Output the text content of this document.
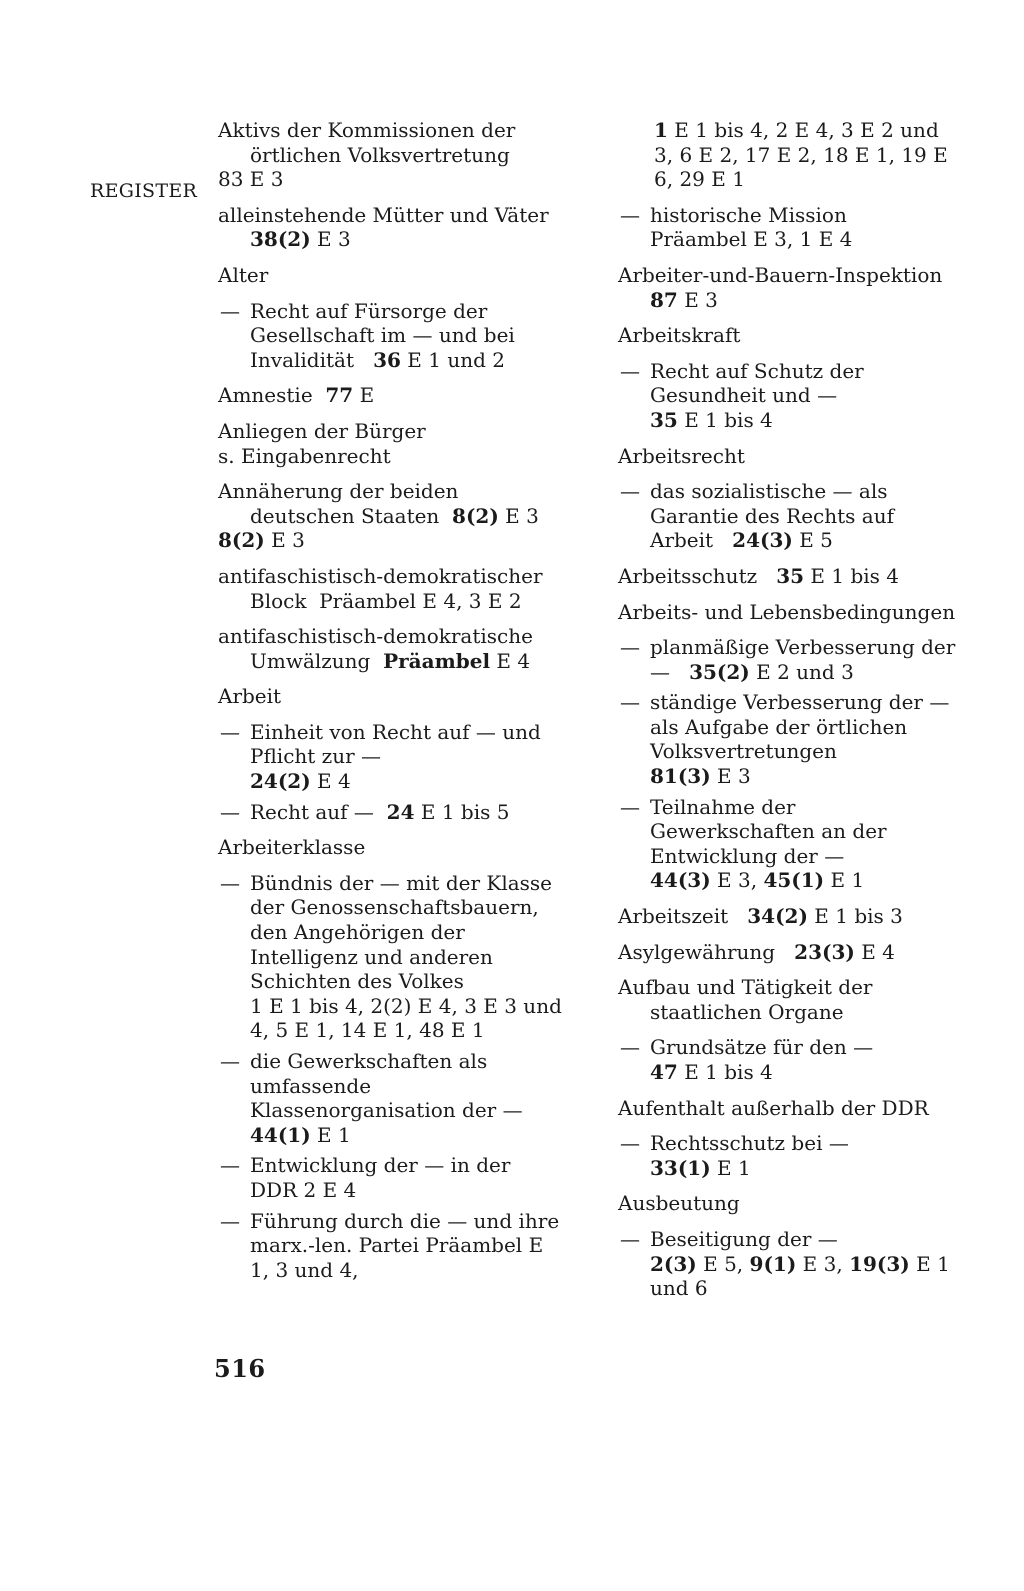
REGISTER
Aktivs der Kommissionen der örtlichen Volksvertretung
83 E 3
alleinstehende Mütter und Väter  38(2) E 3
Alter
— Recht auf Fürsorge der Gesellschaft im — und bei Invalidität 36 E 1 und 2
Amnestie 77 E
Anliegen der Bürger
s. Eingabenrecht
Annäherung der beiden deutschen Staaten 8(2) E 3
8(2) E 3
antifaschistisch-demokratischer Block Präambel E 4, 3 E 2
antifaschistisch-demokratische Umwälzung Präambel E 4
Arbeit
— Einheit von Recht auf — und Pflicht zur —
24(2) E 4
— Recht auf — 24 E 1 bis 5
Arbeiterklasse
— Bündnis der — mit der Klasse der Genossenschaftsbauern, den Angehörigen der Intelligenz und anderen Schichten des Volkes
1 E 1 bis 4, 2(2) E 4, 3 E 3 und 4, 5 E 1, 14 E 1, 48 E 1
— die Gewerkschaften als umfassende Klassenorganisation der —  44(1) E 1
— Entwicklung der — in der DDR 2 E 4
— Führung durch die — und ihre marx.-len. Partei Präambel E 1, 3 und 4,
1 E 1 bis 4, 2 E 4, 3 E 2 und 3, 6 E 2, 17 E 2, 18 E 1, 19 E 6, 29 E 1
— historische Mission
Präambel E 3, 1 E 4
Arbeiter-und-Bauern-Inspektion  87 E 3
Arbeitskraft
— Recht auf Schutz der Gesundheit und —
35 E 1 bis 4
Arbeitsrecht
— das sozialistische — als Garantie des Rechts auf Arbeit 24(3) E 5
Arbeitsschutz 35 E 1 bis 4
Arbeits- und Lebensbedingungen
— planmäßige Verbesserung der — 35(2) E 2 und 3
— ständige Verbesserung der — als Aufgabe der örtlichen Volksvertretungen
81(3) E 3
— Teilnahme der Gewerkschaften an der Entwicklung der —
44(3) E 3, 45(1) E 1
Arbeitszeit 34(2) E 1 bis 3
Asylgewährung 23(3) E 4
Aufbau und Tätigkeit der staatlichen Organe
— Grundsätze für den —
47 E 1 bis 4
Aufenthalt außerhalb der DDR
— Rechtsschutz bei —
33(1) E 1
Ausbeutung
— Beseitigung der —
2(3) E 5, 9(1) E 3, 19(3) E 1 und 6
516
